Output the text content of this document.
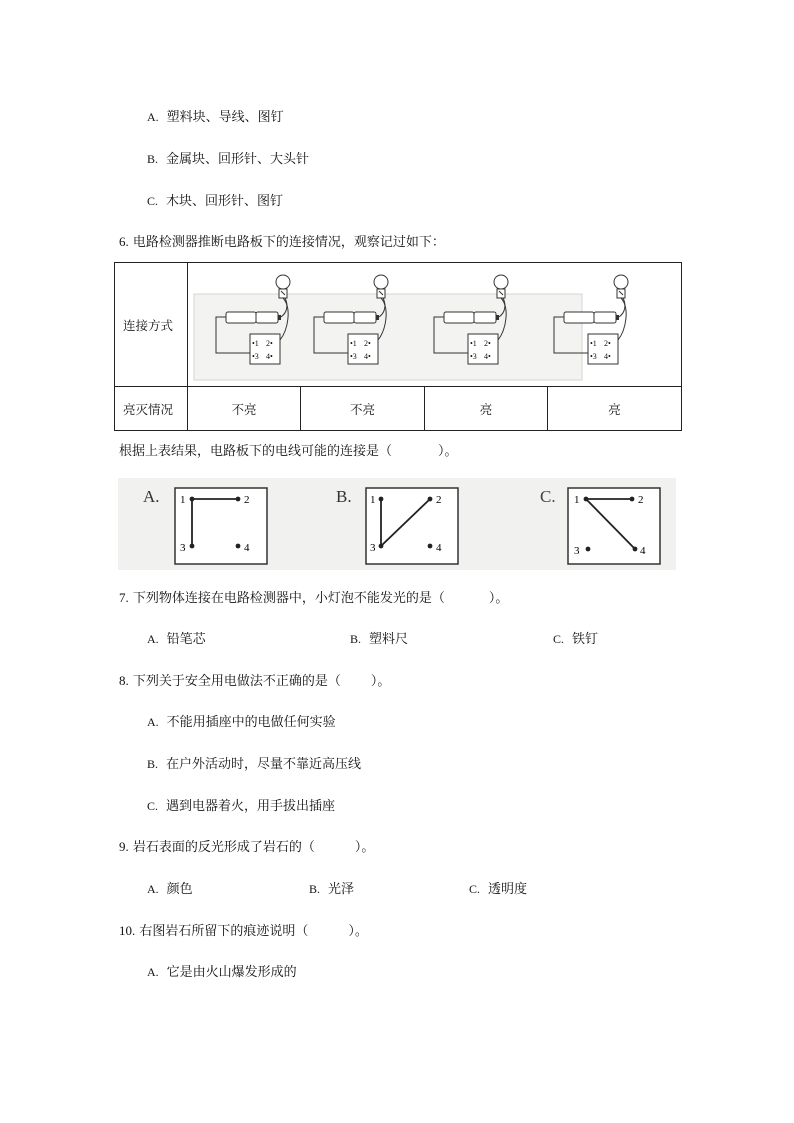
A. 塑料块、导线、图钉
B. 金属块、回形针、大头针
C. 木块、回形针、图钉
6. 电路检测器推断电路板下的连接情况，观察记过如下：
连接方式				
亮灭情况	不亮	不亮	亮	亮
•1 2•
•3 4•
•1 2•
•3 4•
•1 2•
•3 4•
•1 2•
•3 4•
根据上表结果，电路板下的电线可能的连接是（	）。
A. 1	2
3	4
B. 1	2
3	4
C. 1	2
3	4
7. 下列物体连接在电路检测器中，小灯泡不能发光的是（	）。
A. 铅笔芯	B. 塑料尺	C. 铁钉
8. 下列关于安全用电做法不正确的是（ ）。
A. 不能用插座中的电做任何实验
B. 在户外活动时，尽量不靠近高压线
C. 遇到电器着火，用手拔出插座
9. 岩石表面的反光形成了岩石的（	）。
A. 颜色	B. 光泽	C. 透明度
10. 右图岩石所留下的痕迹说明（	）。
A. 它是由火山爆发形成的
